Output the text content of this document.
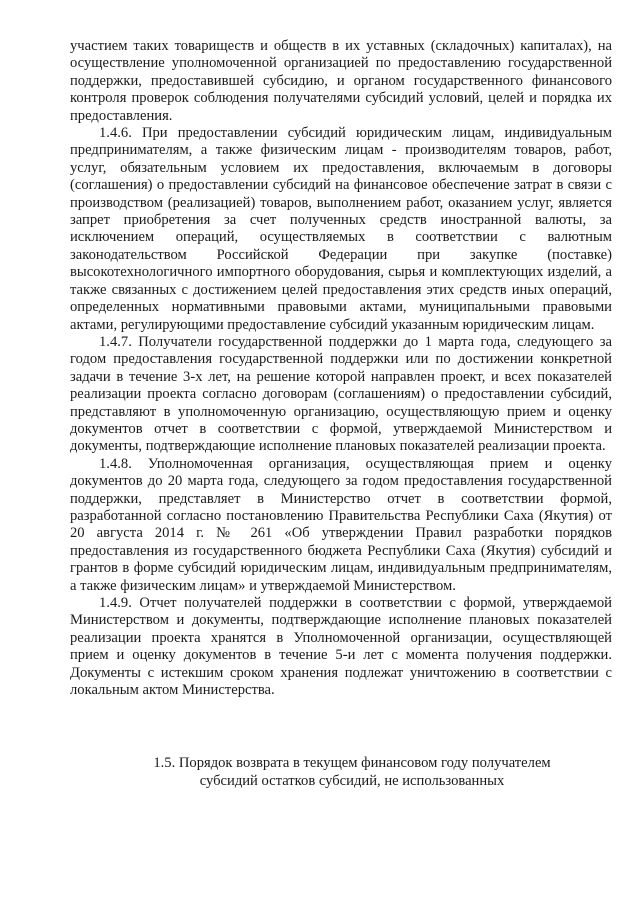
участием таких товариществ и обществ в их уставных (складочных) капиталах), на осуществление уполномоченной организацией по предоставлению государственной поддержки, предоставившей субсидию, и органом государственного финансового контроля проверок соблюдения получателями субсидий условий, целей и порядка их предоставления.

1.4.6. При предоставлении субсидий юридическим лицам, индивидуальным предпринимателям, а также физическим лицам - производителям товаров, работ, услуг, обязательным условием их предоставления, включаемым в договоры (соглашения) о предоставлении субсидий на финансовое обеспечение затрат в связи с производством (реализацией) товаров, выполнением работ, оказанием услуг, является запрет приобретения за счет полученных средств иностранной валюты, за исключением операций, осуществляемых в соответствии с валютным законодательством Российской Федерации при закупке (поставке) высокотехнологичного импортного оборудования, сырья и комплектующих изделий, а также связанных с достижением целей предоставления этих средств иных операций, определенных нормативными правовыми актами, муниципальными правовыми актами, регулирующими предоставление субсидий указанным юридическим лицам.

1.4.7. Получатели государственной поддержки до 1 марта года, следующего за годом предоставления государственной поддержки или по достижении конкретной задачи в течение 3-х лет, на решение которой направлен проект, и всех показателей реализации проекта согласно договорам (соглашениям) о предоставлении субсидий, представляют в уполномоченную организацию, осуществляющую прием и оценку документов отчет в соответствии с формой, утверждаемой Министерством и документы, подтверждающие исполнение плановых показателей реализации проекта.

1.4.8. Уполномоченная организация, осуществляющая прием и оценку документов до 20 марта года, следующего за годом предоставления государственной поддержки, представляет в Министерство отчет в соответствии формой, разработанной согласно постановлению Правительства Республики Саха (Якутия) от 20 августа 2014 г. № 261 «Об утверждении Правил разработки порядков предоставления из государственного бюджета Республики Саха (Якутия) субсидий и грантов в форме субсидий юридическим лицам, индивидуальным предпринимателям, а также физическим лицам» и утверждаемой Министерством.

1.4.9. Отчет получателей поддержки в соответствии с формой, утверждаемой Министерством и документы, подтверждающие исполнение плановых показателей реализации проекта хранятся в Уполномоченной организации, осуществляющей прием и оценку документов в течение 5-и лет с момента получения поддержки. Документы с истекшим сроком хранения подлежат уничтожению в соответствии с локальным актом Министерства.

1.5. Порядок возврата в текущем финансовом году получателем
субсидий остатков субсидий, не использованных
